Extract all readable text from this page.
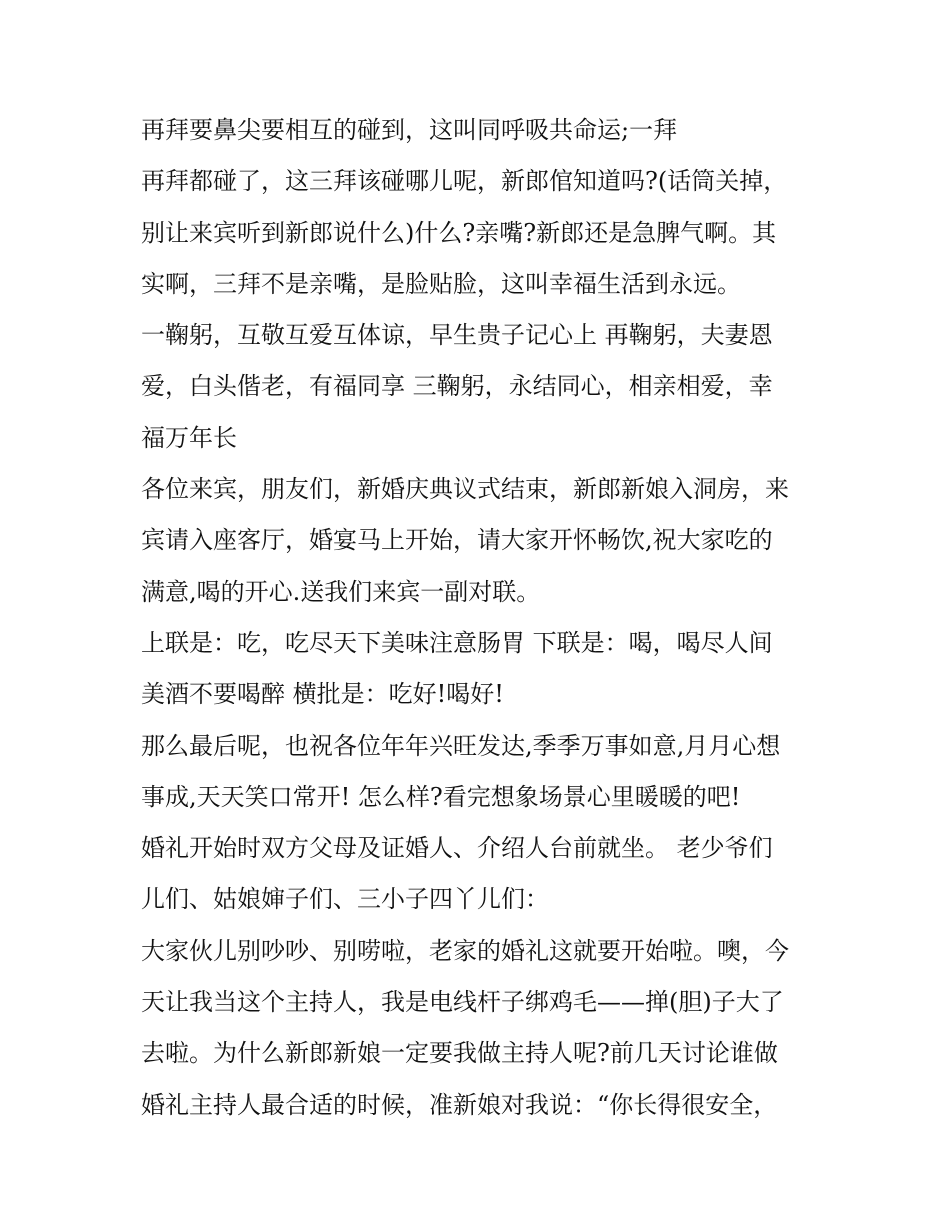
再拜要鼻尖要相互的碰到，这叫同呼吸共命运;一拜
再拜都碰了，这三拜该碰哪儿呢，新郎倌知道吗?(话筒关掉，
别让来宾听到新郎说什么)什么?亲嘴?新郎还是急脾气啊。其
实啊，三拜不是亲嘴，是脸贴脸，这叫幸福生活到永远。
一鞠躬，互敬互爱互体谅，早生贵子记心上 再鞠躬，夫妻恩
爱，白头偕老，有福同享 三鞠躬，永结同心，相亲相爱，幸
福万年长
各位来宾，朋友们，新婚庆典议式结束，新郎新娘入洞房，来
宾请入座客厅，婚宴马上开始，请大家开怀畅饮,祝大家吃的
满意,喝的开心.送我们来宾一副对联。
上联是：吃，吃尽天下美味注意肠胃 下联是：喝，喝尽人间
美酒不要喝醉 横批是：吃好!喝好!
那么最后呢，也祝各位年年兴旺发达,季季万事如意,月月心想
事成,天天笑口常开! 怎么样?看完想象场景心里暖暖的吧!
婚礼开始时双方父母及证婚人、介绍人台前就坐。 老少爷们
儿们、姑娘婶子们、三小子四丫儿们：
大家伙儿别吵吵、别唠啦，老家的婚礼这就要开始啦。噢，今
天让我当这个主持人，我是电线杆子绑鸡毛——掸(胆)子大了
去啦。为什么新郎新娘一定要我做主持人呢?前几天讨论谁做
婚礼主持人最合适的时候，准新娘对我说：“你长得很安全，
